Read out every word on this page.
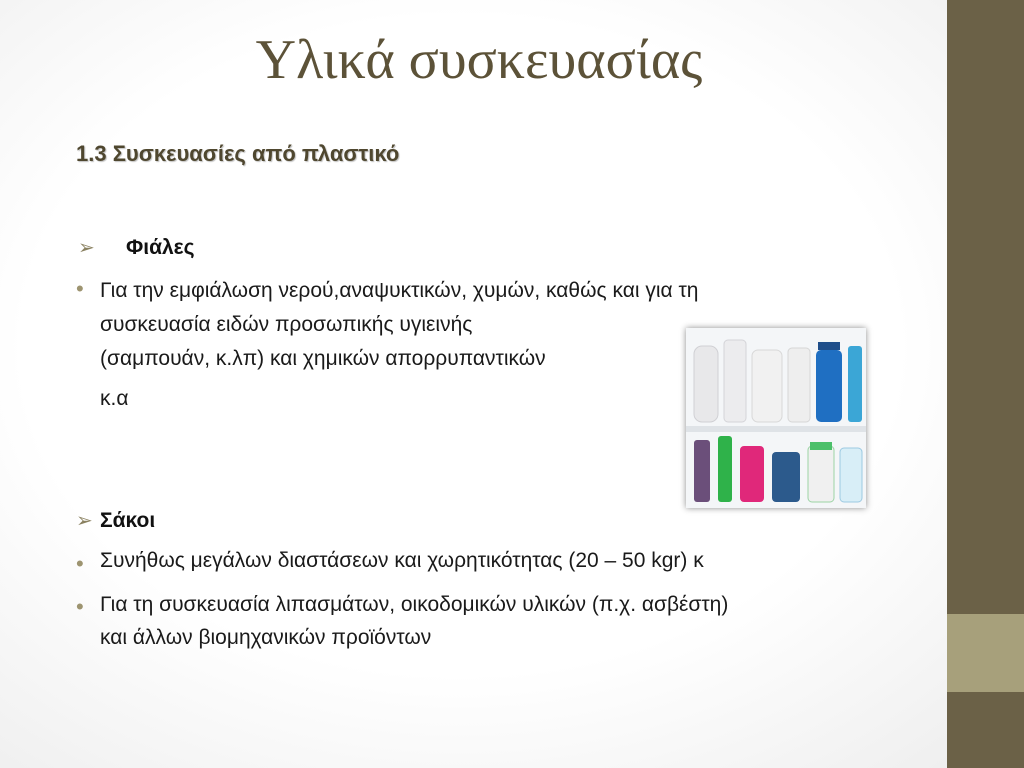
Υλικά συσκευασίας
1.3 Συσκευασίες από πλαστικό
➢ Φιάλες
• Για την εμφιάλωση νερού,αναψυκτικών, χυμών, καθώς και για τη
συσκευασία ειδών προσωπικής υγιεινής
(σαμπουάν, κ.λπ) και χημικών απορρυπαντικών
κ.α
➢ Σάκοι
• Συνήθως μεγάλων διαστάσεων και χωρητικότητας (20 – 50 kgr) κ
• Για τη συσκευασία λιπασμάτων, οικοδομικών υλικών (π.χ. ασβέστη)
και άλλων βιομηχανικών προϊόντων
